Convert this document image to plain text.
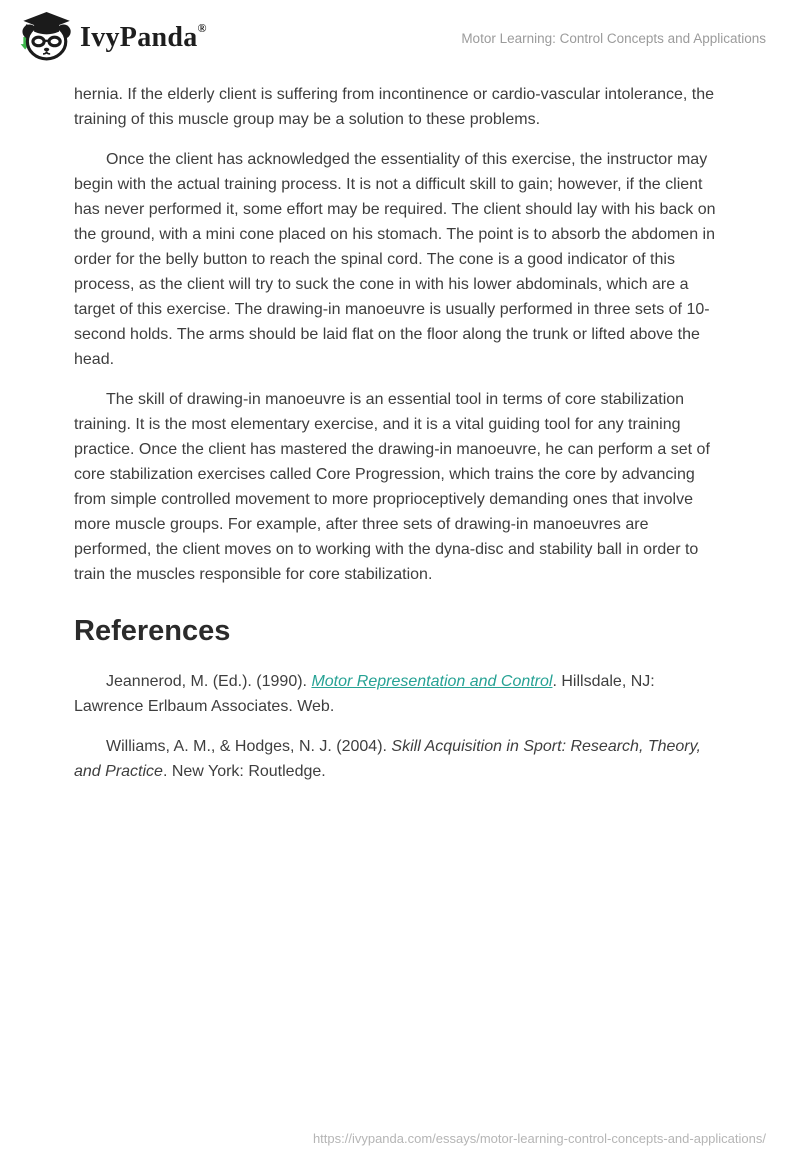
IvyPanda®
Motor Learning: Control Concepts and Applications

hernia. If the elderly client is suffering from incontinence or cardio-vascular intolerance, the training of this muscle group may be a solution to these problems.

Once the client has acknowledged the essentiality of this exercise, the instructor may begin with the actual training process. It is not a difficult skill to gain; however, if the client has never performed it, some effort may be required. The client should lay with his back on the ground, with a mini cone placed on his stomach. The point is to absorb the abdomen in order for the belly button to reach the spinal cord. The cone is a good indicator of this process, as the client will try to suck the cone in with his lower abdominals, which are a target of this exercise. The drawing-in manoeuvre is usually performed in three sets of 10-second holds. The arms should be laid flat on the floor along the trunk or lifted above the head.

The skill of drawing-in manoeuvre is an essential tool in terms of core stabilization training. It is the most elementary exercise, and it is a vital guiding tool for any training practice. Once the client has mastered the drawing-in manoeuvre, he can perform a set of core stabilization exercises called Core Progression, which trains the core by advancing from simple controlled movement to more proprioceptively demanding ones that involve more muscle groups. For example, after three sets of drawing-in manoeuvres are performed, the client moves on to working with the dyna-disc and stability ball in order to train the muscles responsible for core stabilization.

References

Jeannerod, M. (Ed.). (1990). Motor Representation and Control. Hillsdale, NJ: Lawrence Erlbaum Associates. Web.

Williams, A. M., & Hodges, N. J. (2004). Skill Acquisition in Sport: Research, Theory, and Practice. New York: Routledge.

https://ivypanda.com/essays/motor-learning-control-concepts-and-applications/
